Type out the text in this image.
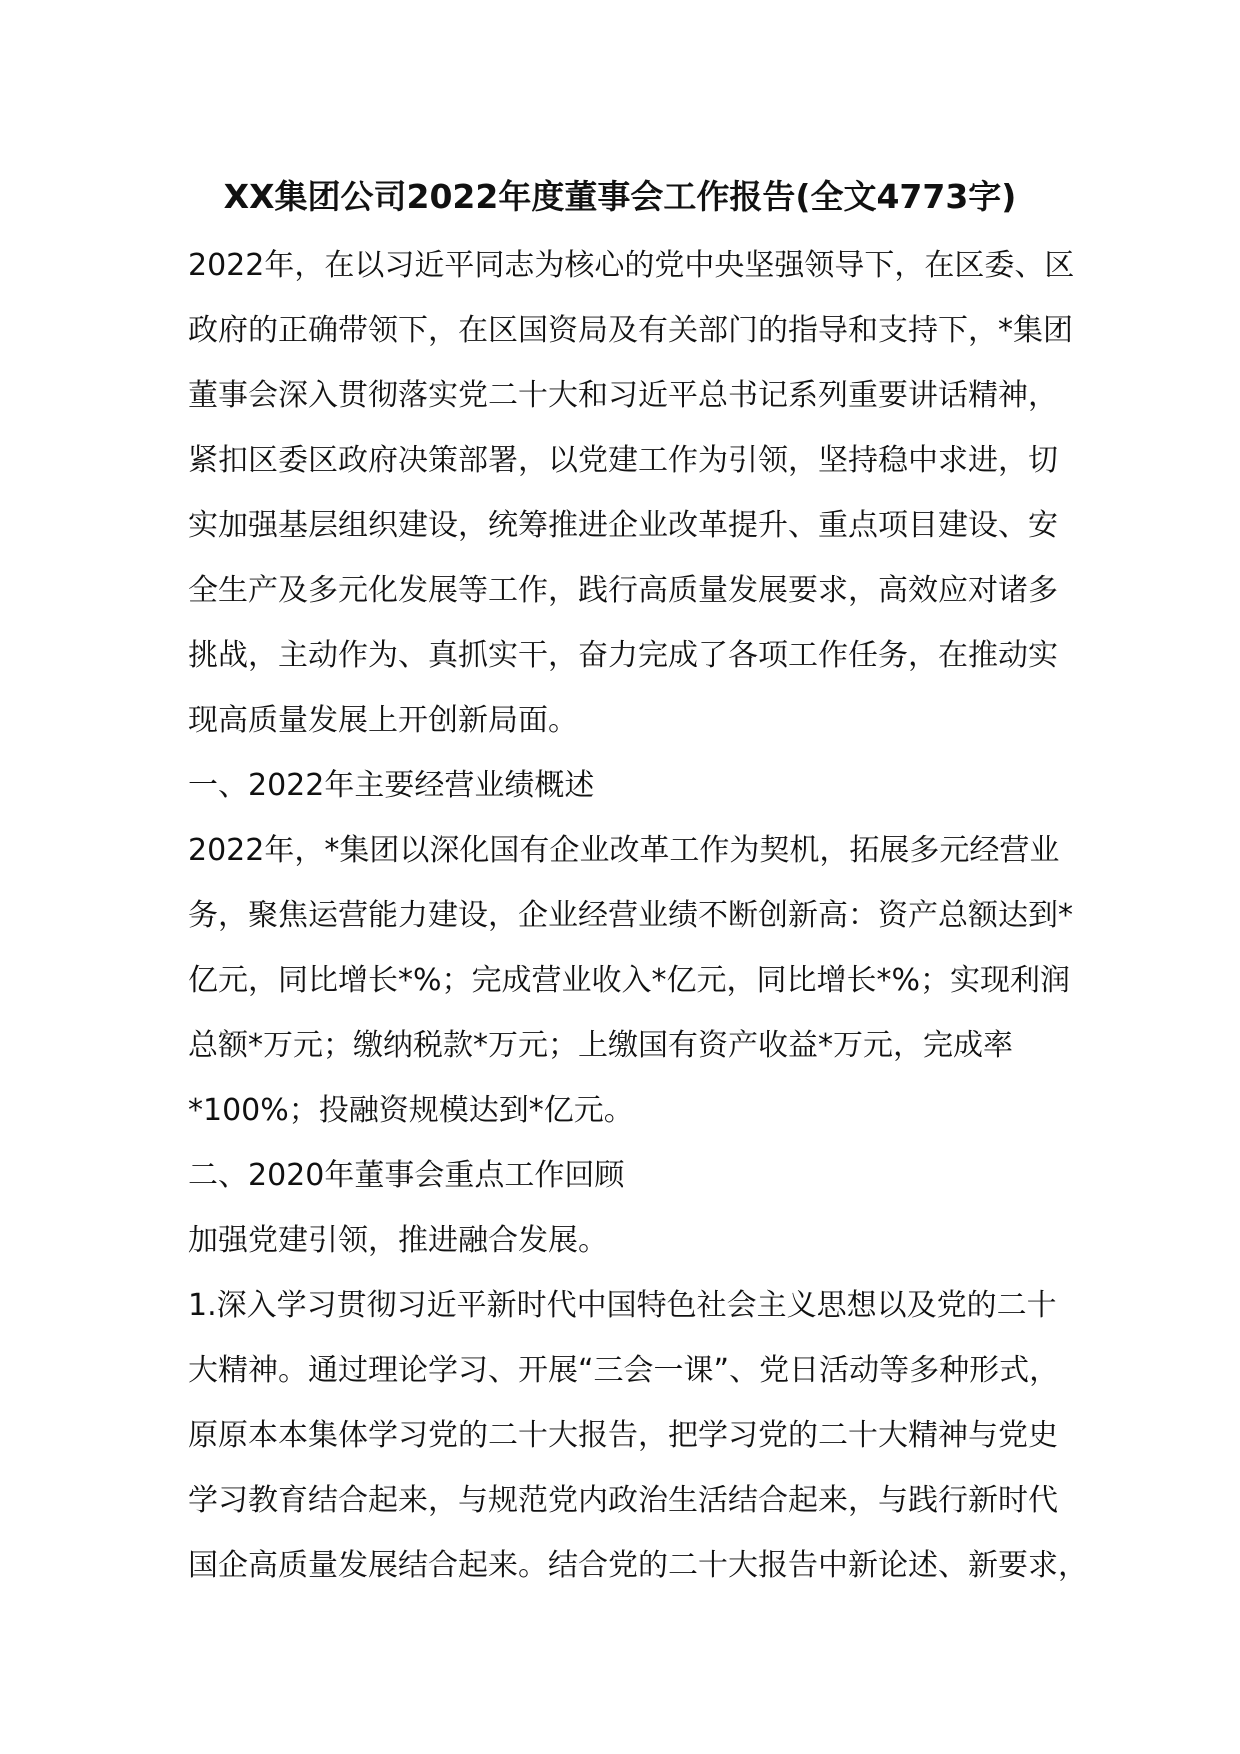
XX集团公司2022年度董事会工作报告(全文4773字)
2022年，在以习近平同志为核心的党中央坚强领导下，在区委、区
政府的正确带领下，在区国资局及有关部门的指导和支持下，*集团
董事会深入贯彻落实党二十大和习近平总书记系列重要讲话精神，
紧扣区委区政府决策部署，以党建工作为引领，坚持稳中求进，切
实加强基层组织建设，统筹推进企业改革提升、重点项目建设、安
全生产及多元化发展等工作，践行高质量发展要求，高效应对诸多
挑战，主动作为、真抓实干，奋力完成了各项工作任务，在推动实
现高质量发展上开创新局面。
一、2022年主要经营业绩概述
2022年，*集团以深化国有企业改革工作为契机，拓展多元经营业
务，聚焦运营能力建设，企业经营业绩不断创新高：资产总额达到*
亿元，同比增长*%；完成营业收入*亿元，同比增长*%；实现利润
总额*万元；缴纳税款*万元；上缴国有资产收益*万元，完成率
*100%；投融资规模达到*亿元。
二、2020年董事会重点工作回顾
加强党建引领，推进融合发展。
1.深入学习贯彻习近平新时代中国特色社会主义思想以及党的二十
大精神。通过理论学习、开展“三会一课”、党日活动等多种形式，
原原本本集体学习党的二十大报告，把学习党的二十大精神与党史
学习教育结合起来，与规范党内政治生活结合起来，与践行新时代
国企高质量发展结合起来。结合党的二十大报告中新论述、新要求，
